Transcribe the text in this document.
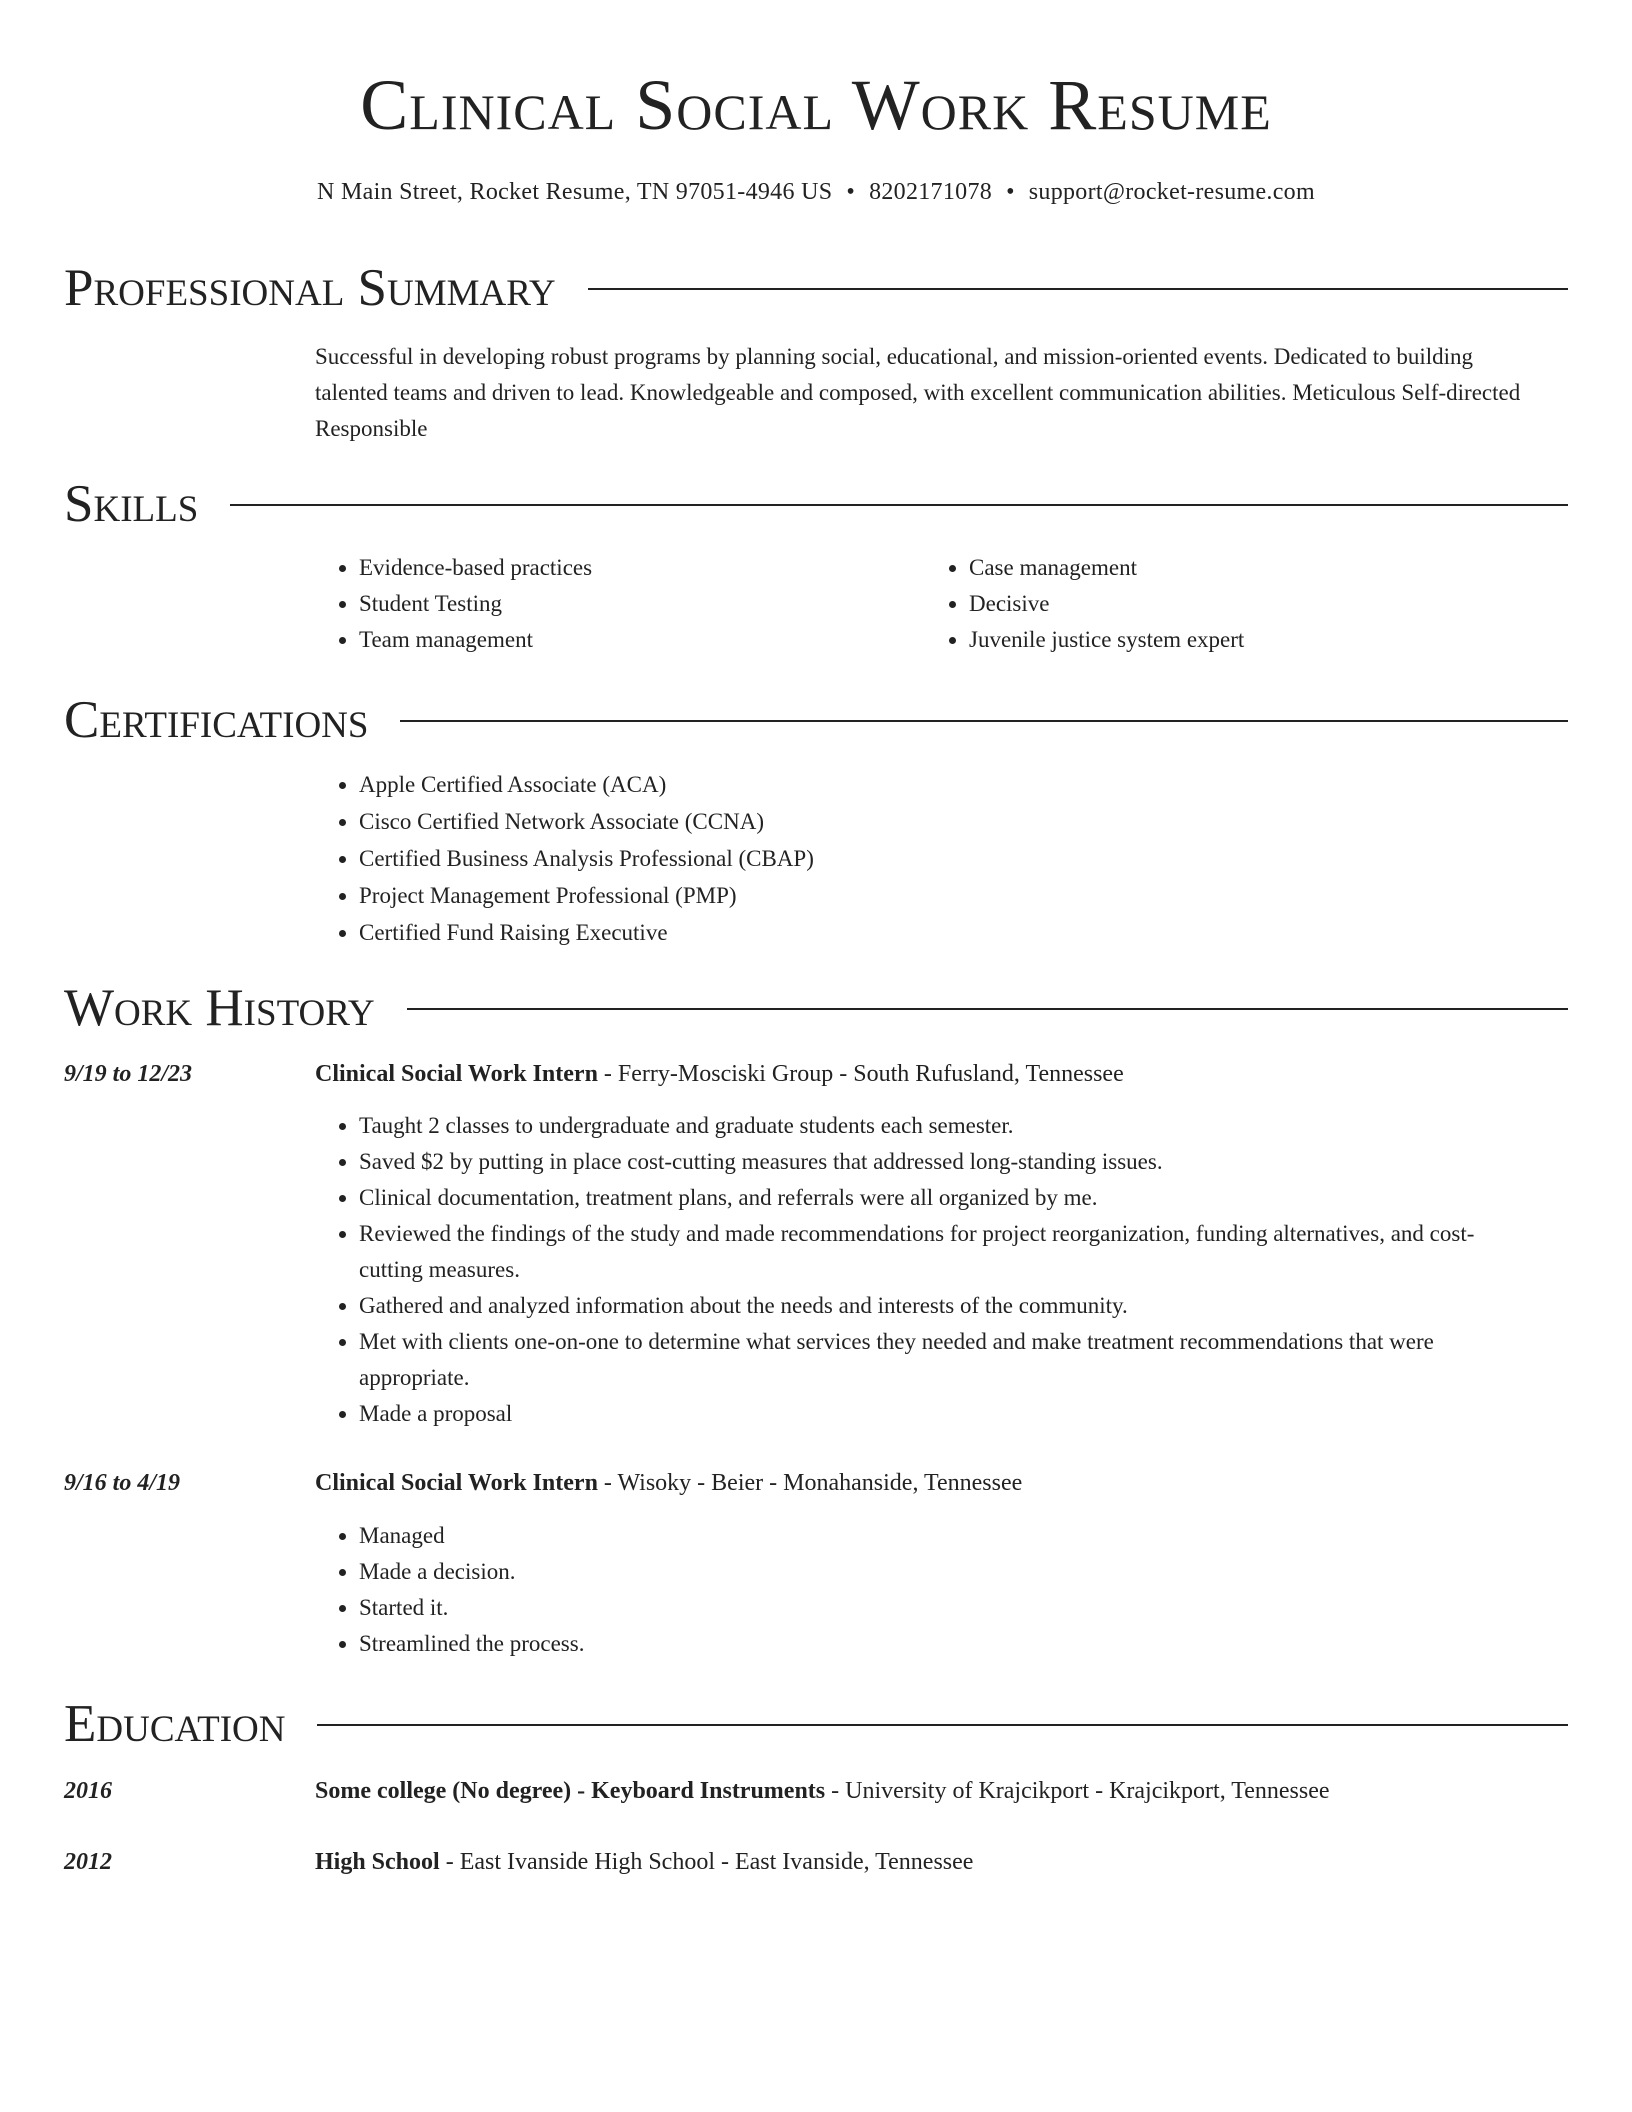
Clinical Social Work Resume
N Main Street, Rocket Resume, TN 97051-4946 US • 8202171078 • support@rocket-resume.com
Professional Summary
Successful in developing robust programs by planning social, educational, and mission-oriented events. Dedicated to building talented teams and driven to lead. Knowledgeable and composed, with excellent communication abilities. Meticulous Self-directed Responsible
Skills
• Evidence-based practices
• Student Testing
• Team management
• Case management
• Decisive
• Juvenile justice system expert
Certifications
• Apple Certified Associate (ACA)
• Cisco Certified Network Associate (CCNA)
• Certified Business Analysis Professional (CBAP)
• Project Management Professional (PMP)
• Certified Fund Raising Executive
Work History
9/19 to 12/23	Clinical Social Work Intern - Ferry-Mosciski Group - South Rufusland, Tennessee
• Taught 2 classes to undergraduate and graduate students each semester.
• Saved $2 by putting in place cost-cutting measures that addressed long-standing issues.
• Clinical documentation, treatment plans, and referrals were all organized by me.
• Reviewed the findings of the study and made recommendations for project reorganization, funding alternatives, and cost-cutting measures.
• Gathered and analyzed information about the needs and interests of the community.
• Met with clients one-on-one to determine what services they needed and make treatment recommendations that were appropriate.
• Made a proposal
9/16 to 4/19	Clinical Social Work Intern - Wisoky - Beier - Monahanside, Tennessee
• Managed
• Made a decision.
• Started it.
• Streamlined the process.
Education
2016	Some college (No degree) - Keyboard Instruments - University of Krajcikport - Krajcikport, Tennessee
2012	High School - East Ivanside High School - East Ivanside, Tennessee
